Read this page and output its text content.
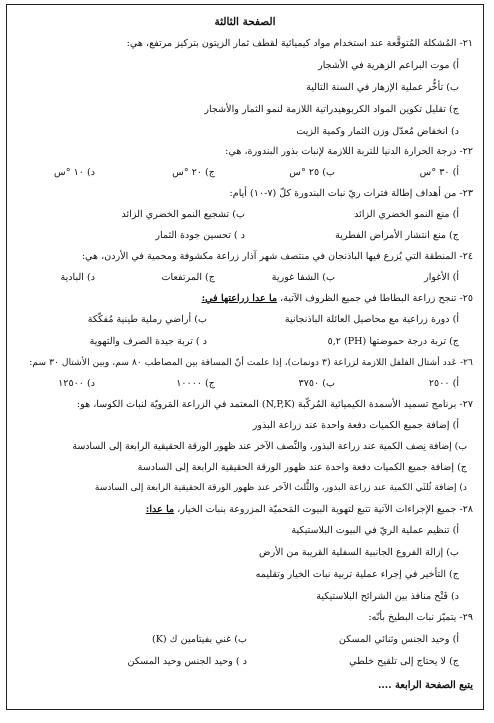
الصفحة الثالثة
٢١- المُشكلة المُتوقَّعة عند استخدام مواد كيميائية لقطف ثمار الزيتون بتركيز مرتفع، هي:
أ) موت البراعم الزهرية في الأشجار
ب) تأخُّر عملية الإزهار في السنة التالية
ج) تقليل تكوين المواد الكربوهيدراتية اللازمة لنمو الثمار والأشجار
د) انخفاض مُعدّل وزن الثمار وكمية الزيت
٢٢- درجة الحرارة الدنيا للتربة اللازمة لإنبات بذور البندورة، هي:
أ) ٣٠ °س
ب) ٢٥ °س
ج) ٢٠ °س
د) ١٠ °س
٢٣- من أهداف إطالة فترات ريّ نبات البندورة كلّ (٧-١٠) أيام:
أ) منع النمو الخضري الزائد
ب) تشجيع النمو الخضري الزائد
ج) منع انتشار الأمراض الفطرية
د ) تحسين جودة الثمار
٢٤- المنطقة التي يُزرع فيها الباذنجان في منتصف شهر آذار زراعة مكشوفة ومحمية في الأردن، هي:
أ) الأغوار
ب) الشفا غورية
ج) المرتفعات
د) البادية
٢٥- تنجح زراعة البطاطا في جميع الظروف الآتية، ما عدا زراعتها في:
أ) دورة زراعية مع محاصيل العائلة الباذنجانية
ب) أراضي رملية طينية مُفكّكة
ج) تربة درجة حموضتها (PH) ٥,٢
د ) تربة جيدة الصرف والتهوية
٢٦- عَدد أشتال الفلفل اللازمة لزراعة (٣ دونمات)، إذا علمت أنّ المسافة بين المصاطب ٨٠ سم، وبين الأشتال ٣٠ سم:
أ) ٢٥٠٠
ب) ٣٧٥٠
ج) ١٠٠٠٠
د) ١٢٥٠٠
٢٧- برنامج تسميد الأسمدة الكيميائية المُركّبة (N,P,K) المعتمد في الزراعة المَرويّة لنبات الكوسا، هو:
أ) إضافة جميع الكميات دفعة واحدة عند زراعة البذور
ب) إضافة نِصف الكمية عند زراعة البذور، والنِّصف الآخر عند ظهور الورقة الحقيقية الرابعة إلى السادسة
ج) إضافة جميع الكميات دفعة واحدة عند ظهور الورقة الحقيقية الرابعة إلى السادسة
د) إضافة ثُلثَي الكمية عند زراعة البذور، والثُّلث الآخر عند ظهور الورقة الحقيقية الرابعة إلى السادسة
٢٨- جميع الإجراءات الآتية تتبع لتهوية البيوت المَحميّة المزروعة بنبات الخيار، ما عدا:
أ) تنظيم عملية الريّ في البيوت البلاستيكية
ب) إزالة الفروع الجانبية السفلية القريبة من الأرض
ج) التأخير في إجراء عملية تربية نبات الخيار وتقليمه
د) فَتْح منافذ بين الشرائح البلاستيكية
٢٩- يتميّز نبات البطيخ بأنّه:
أ) وحيد الجنس وثنائي المسكن
ب) غني بفيتامين ك (K)
ج) لا يحتاج إلى تلقيح خلطي
د ) وحيد الجنس وحيد المسكن
يتبع الصفحة الرابعة ....
